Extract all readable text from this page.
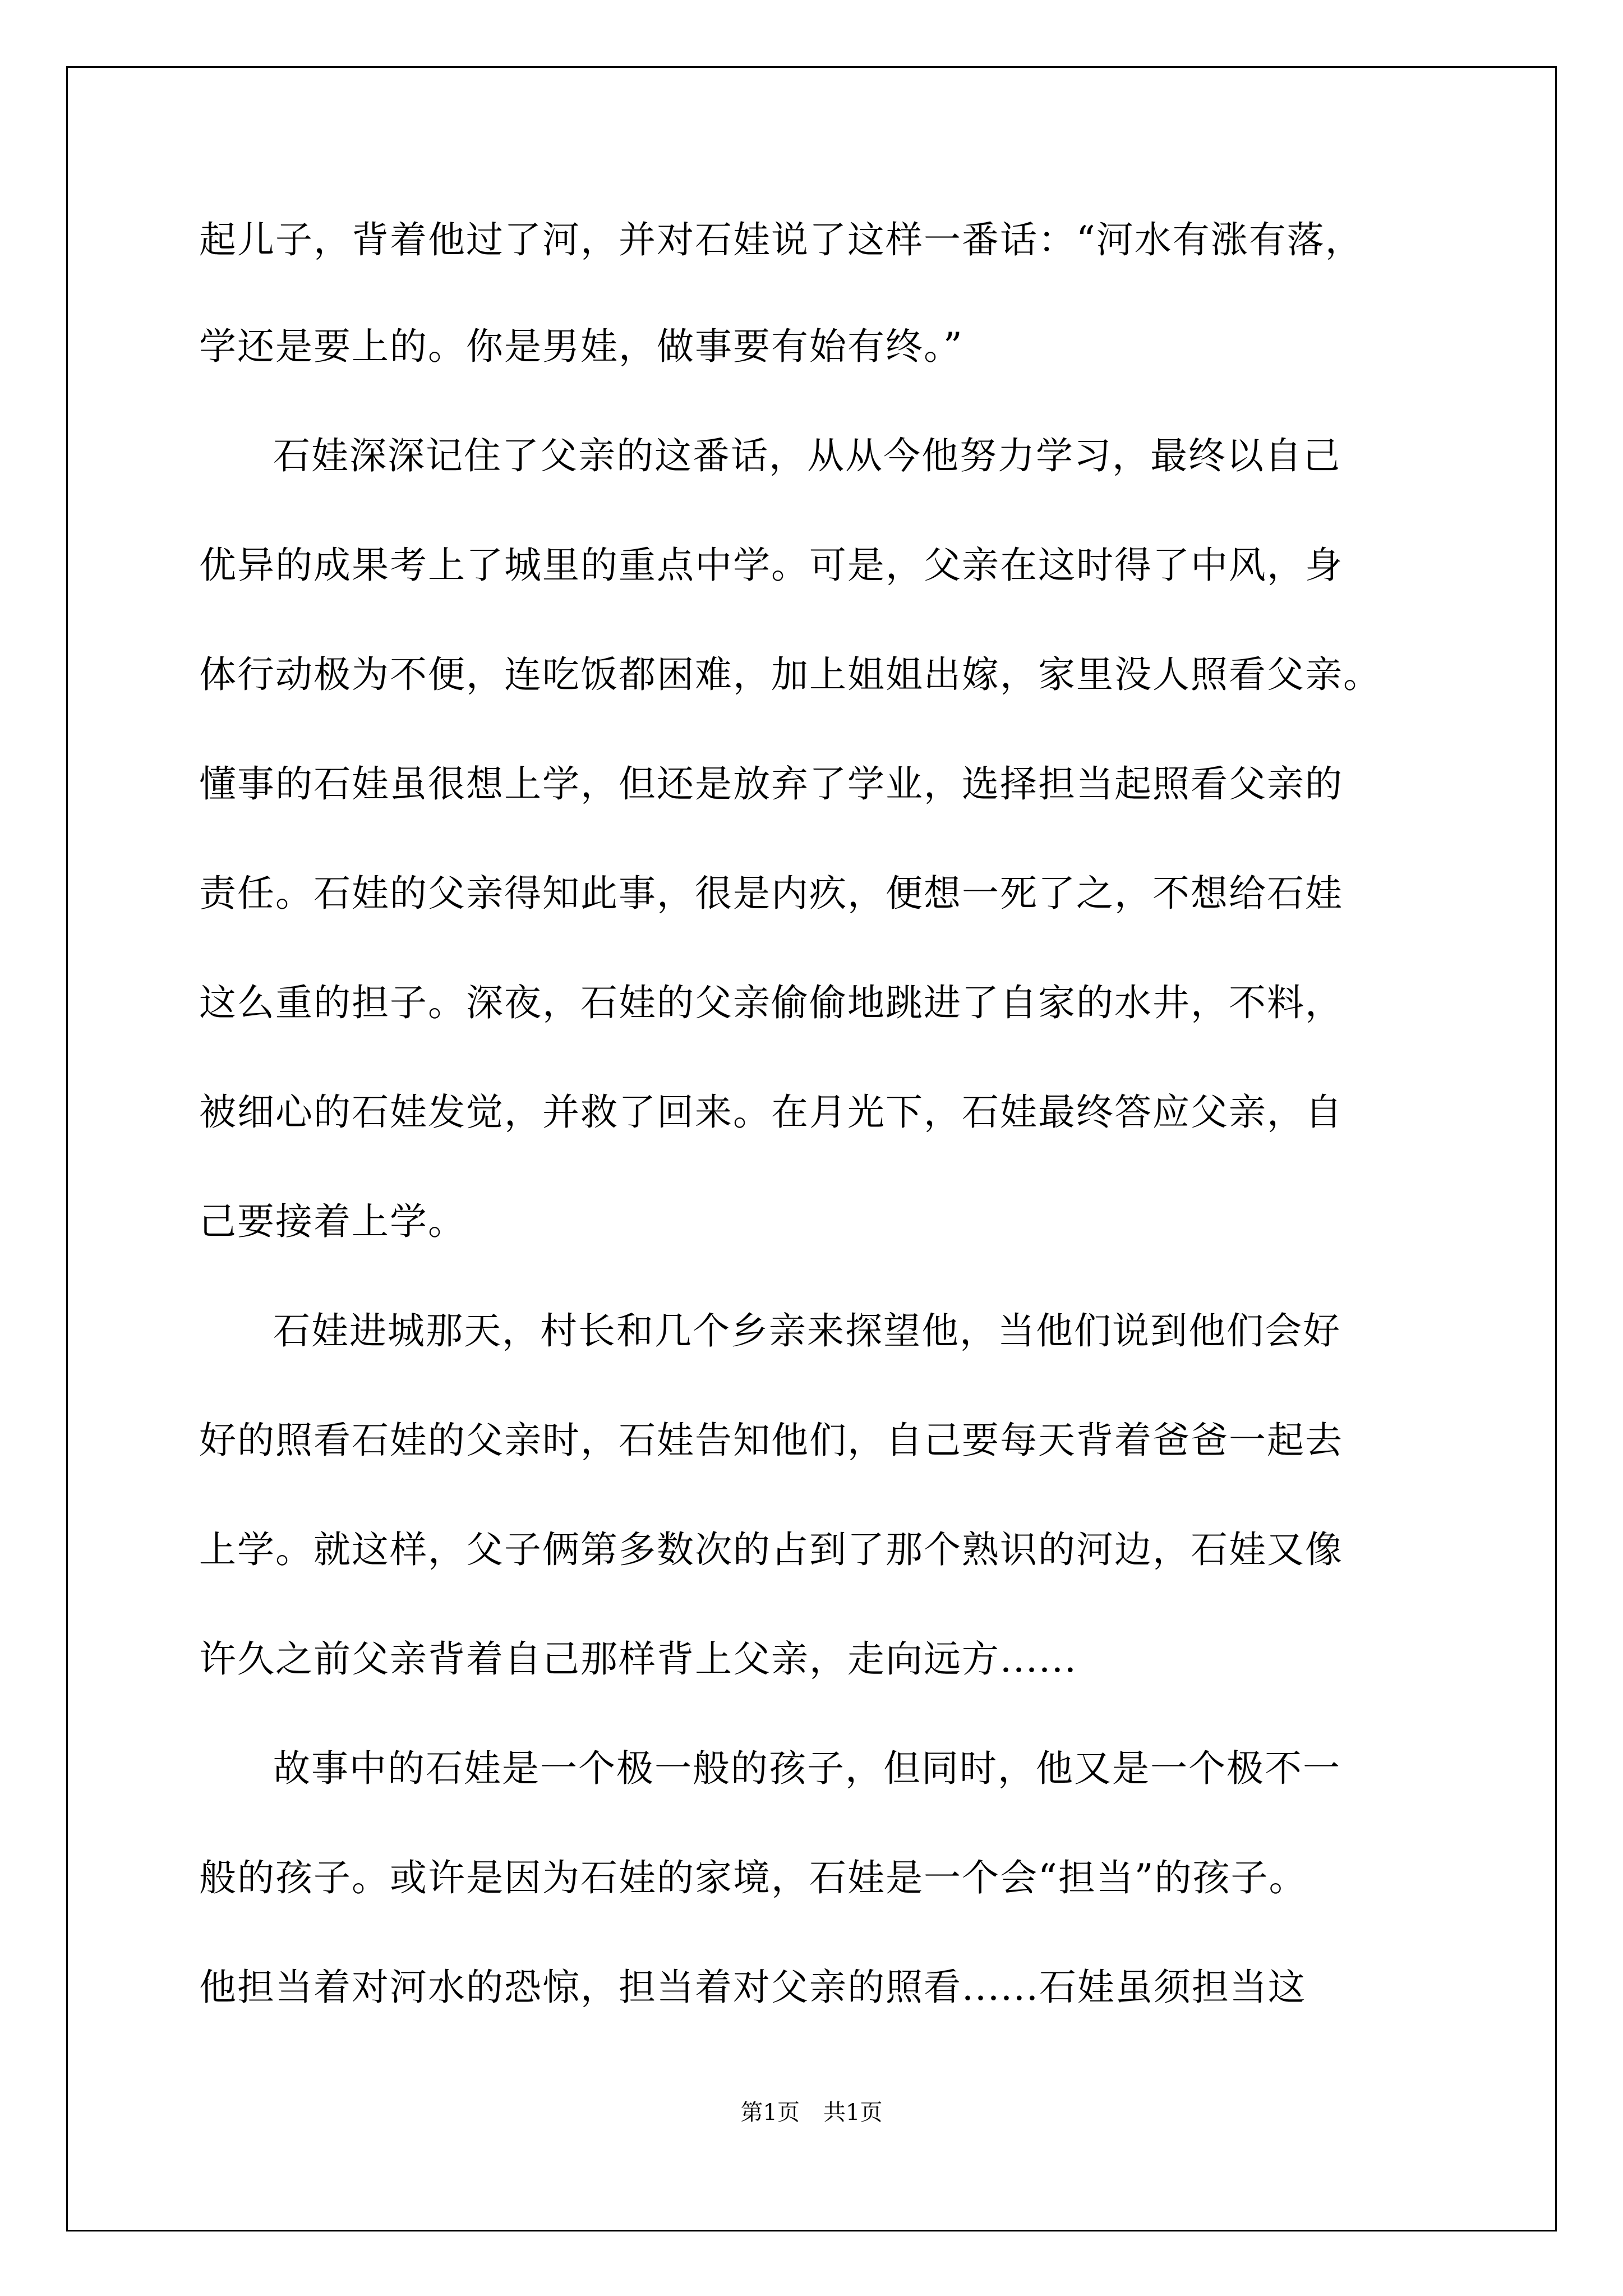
起儿子，背着他过了河，并对石娃说了这样一番话：“河水有涨有落，
学还是要上的。你是男娃，做事要有始有终。”
石娃深深记住了父亲的这番话，从从今他努力学习，最终以自己
优异的成果考上了城里的重点中学。可是，父亲在这时得了中风，身
体行动极为不便，连吃饭都困难，加上姐姐出嫁，家里没人照看父亲。
懂事的石娃虽很想上学，但还是放弃了学业，选择担当起照看父亲的
责任。石娃的父亲得知此事，很是内疚，便想一死了之，不想给石娃
这么重的担子。深夜，石娃的父亲偷偷地跳进了自家的水井，不料，
被细心的石娃发觉，并救了回来。在月光下，石娃最终答应父亲，自
己要接着上学。
石娃进城那天，村长和几个乡亲来探望他，当他们说到他们会好
好的照看石娃的父亲时，石娃告知他们，自己要每天背着爸爸一起去
上学。就这样，父子俩第多数次的占到了那个熟识的河边，石娃又像
许久之前父亲背着自己那样背上父亲，走向远方......
故事中的石娃是一个极一般的孩子，但同时，他又是一个极不一
般的孩子。或许是因为石娃的家境，石娃是一个会“担当”的孩子。
他担当着对河水的恐惊，担当着对父亲的照看......石娃虽须担当这
第1页 共1页
